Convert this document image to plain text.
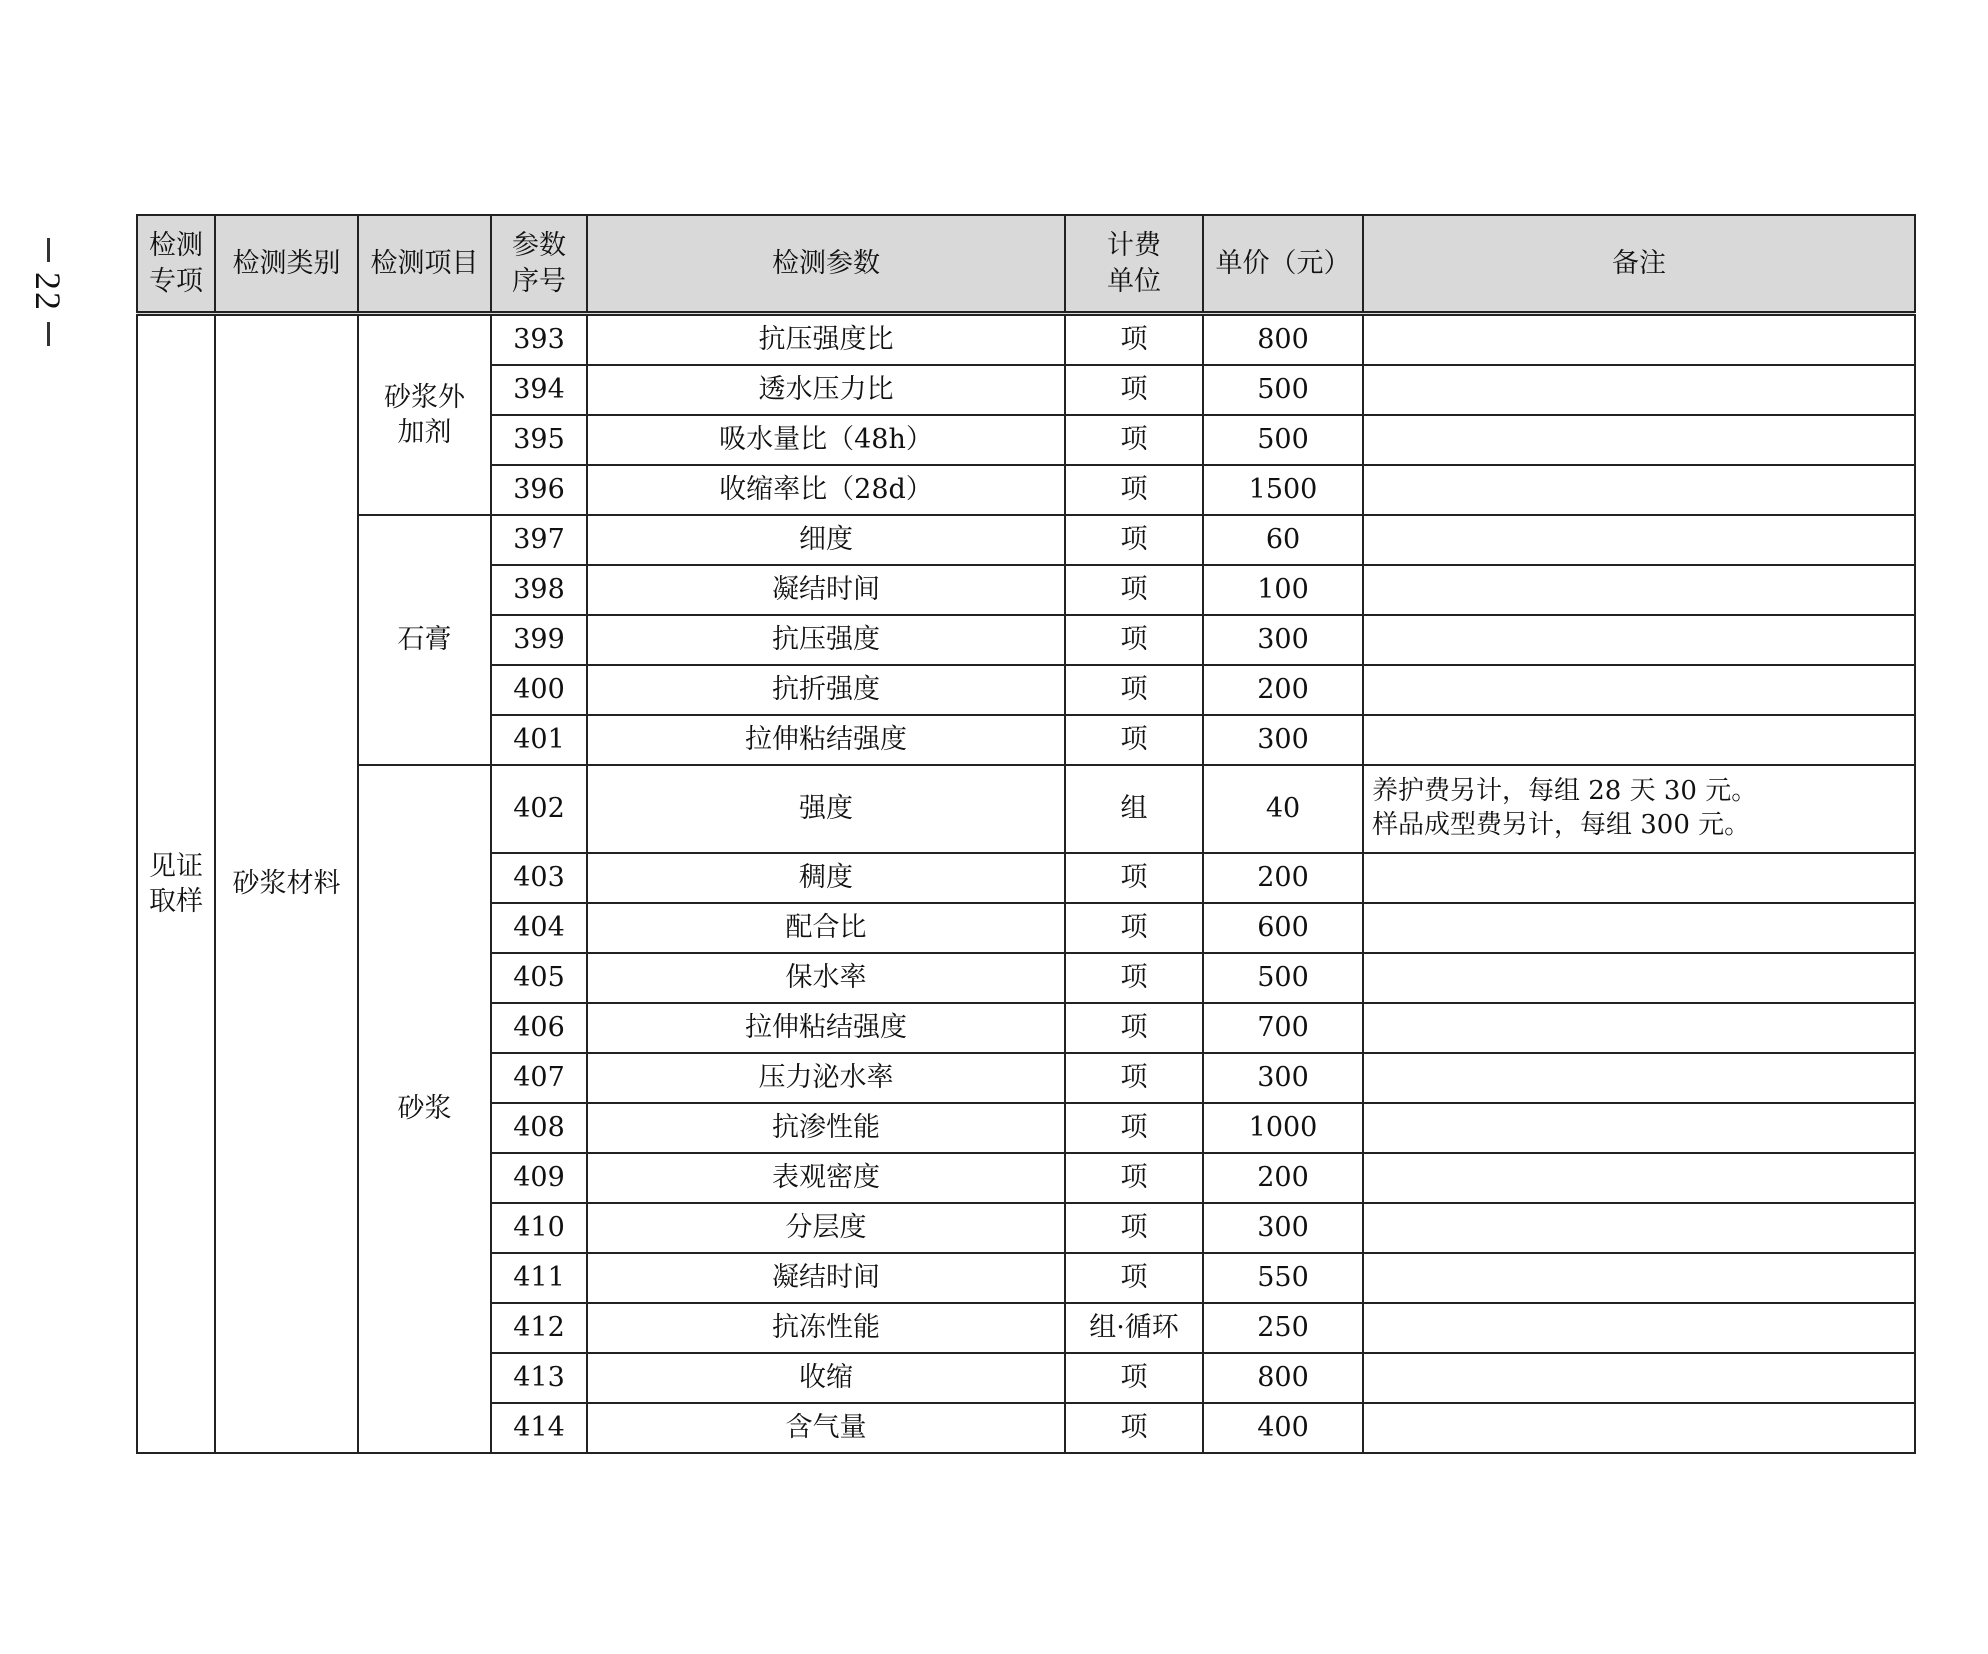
22
检测专项	检测类别	检测项目	参数序号	检测参数	计费单位	单价（元）	备注
见证取样	砂浆材料	砂浆外加剂	393	抗压强度比	项	800	
			394	透水压力比	项	500	
			395	吸水量比（48h）	项	500	
			396	收缩率比（28d）	项	1500	
		石膏	397	细度	项	60	
			398	凝结时间	项	100	
			399	抗压强度	项	300	
			400	抗折强度	项	200	
			401	拉伸粘结强度	项	300	
		砂浆	402	强度	组	40	养护费另计，每组 28 天 30 元。
样品成型费另计，每组 300 元。

			403	稠度	项	200	
			404	配合比	项	600	
			405	保水率	项	500	
			406	拉伸粘结强度	项	700	
			407	压力泌水率	项	300	
			408	抗渗性能	项	1000	
			409	表观密度	项	200	
			410	分层度	项	300	
			411	凝结时间	项	550	
			412	抗冻性能	组·循环	250	
			413	收缩	项	800	
			414	含气量	项	400	
